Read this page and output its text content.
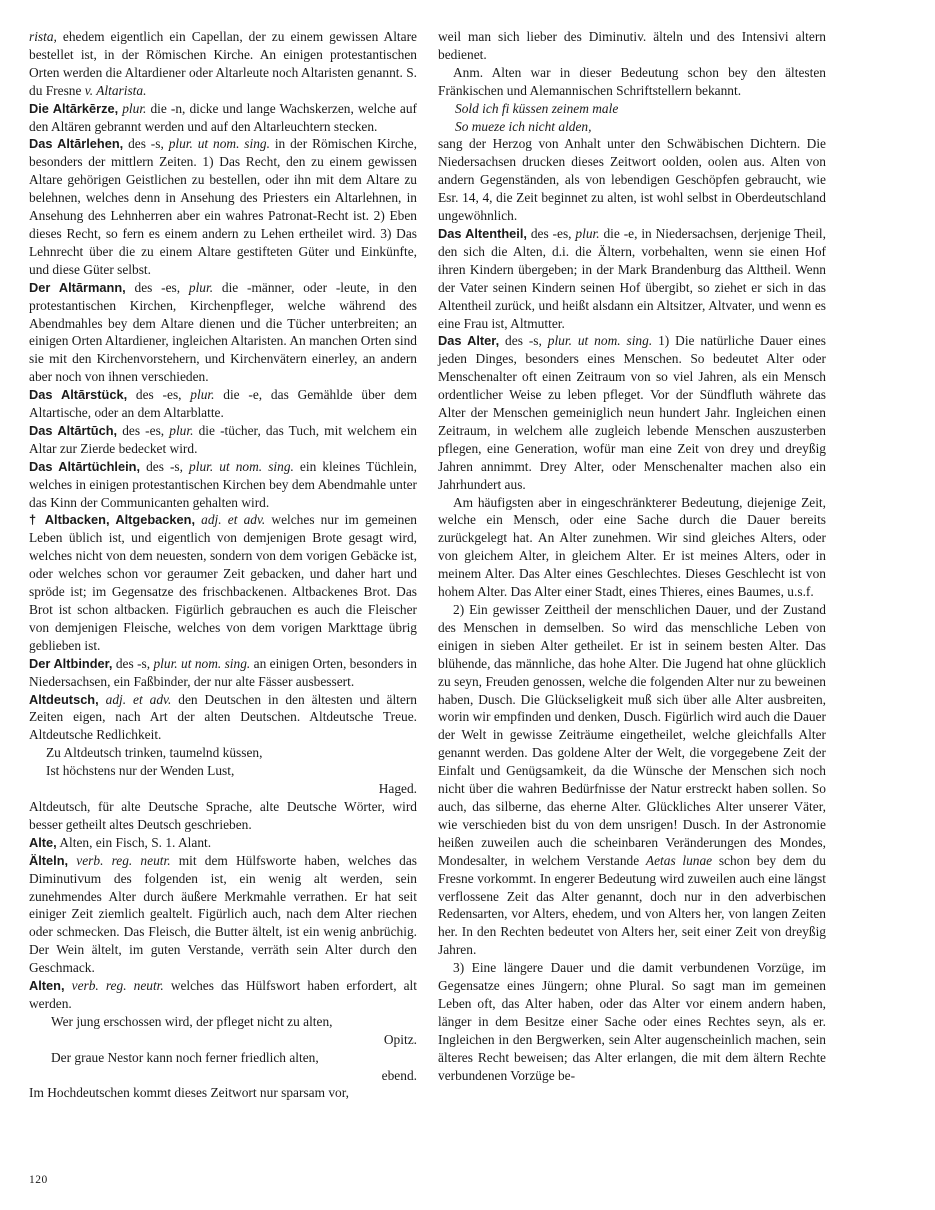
rista, ehedem eigentlich ein Capellan, der zu einem gewissen Altare bestellet ist, in der Römischen Kirche. An einigen protestantischen Orten werden die Altardiener oder Altarleute noch Altaristen genannt. S. du Fresne v. Altarista.

Die Altārkērze, plur. die -n, dicke und lange Wachskerzen, welche auf den Altären gebrannt werden und auf den Altarleuchtern stecken.

Das Altārlehen, des -s, plur. ut nom. sing. in der Römischen Kirche, besonders der mittlern Zeiten. 1) Das Recht, den zu einem gewissen Altare gehörigen Geistlichen zu bestellen, oder ihn mit dem Altare zu belehnen, welches denn in Ansehung des Priesters ein Altarlehnen, in Ansehung des Lehnherren aber ein wahres Patronat-Recht ist. 2) Eben dieses Recht, so fern es einem andern zu Lehen ertheilet wird. 3) Das Lehnrecht über die zu einem Altare gestifteten Güter und Einkünfte, und diese Güter selbst.

Der Altārmann, des -es, plur. die -männer, oder -leute, in den protestantischen Kirchen, Kirchenpfleger, welche während des Abendmahles bey dem Altare dienen und die Tücher unterbreiten; an einigen Orten Altardiener, ingleichen Altaristen. An manchen Orten sind sie mit den Kirchenvorstehern, und Kirchenvätern einerley, an andern aber noch von ihnen verschieden.

Das Altārstück, des -es, plur. die -e, das Gemählde über dem Altartische, oder an dem Altarblatte.

Das Altārtūch, des -es, plur. die -tücher, das Tuch, mit welchem ein Altar zur Zierde bedecket wird.

Das Altārtüchlein, des -s, plur. ut nom. sing. ein kleines Tüchlein, welches in einigen protestantischen Kirchen bey dem Abendmahle unter das Kinn der Communicanten gehalten wird.

† Altbacken, Altgebacken, adj. et adv. welches nur im gemeinen Leben üblich ist, und eigentlich von demjenigen Brote gesagt wird, welches nicht von dem neuesten, sondern von dem vorigen Gebäcke ist, oder welches schon vor geraumer Zeit gebacken, und daher hart und spröde ist; im Gegensatze des frischbackenen. Altbackenes Brot. Das Brot ist schon altbacken. Figürlich gebrauchen es auch die Fleischer von demjenigen Fleische, welches von dem vorigen Markttage übrig geblieben ist.

Der Altbinder, des -s, plur. ut nom. sing. an einigen Orten, besonders in Niedersachsen, ein Faßbinder, der nur alte Fässer ausbessert.

Altdeutsch, adj. et adv. den Deutschen in den ältesten und ältern Zeiten eigen, nach Art der alten Deutschen. Altdeutsche Treue. Altdeutsche Redlichkeit.

Zu Altdeutsch trinken, taumelnd küssen,

Ist höchstens nur der Wenden Lust,

Haged.

Altdeutsch, für alte Deutsche Sprache, alte Deutsche Wörter, wird besser getheilt altes Deutsch geschrieben.

Alte, Alten, ein Fisch, S. 1. Alant.

Älteln, verb. reg. neutr. mit dem Hülfsworte haben, welches das Diminutivum des folgenden ist, ein wenig alt werden, sein zunehmendes Alter durch äußere Merkmahle verrathen. Er hat seit einiger Zeit ziemlich gealtelt. Figürlich auch, nach dem Alter riechen oder schmecken. Das Fleisch, die Butter ältelt, ist ein wenig anbrüchig. Der Wein ältelt, im guten Verstande, verräth sein Alter durch den Geschmack.

Alten, verb. reg. neutr. welches das Hülfswort haben erfordert, alt werden.

Wer jung erschossen wird, der pfleget nicht zu alten,

Opitz.

Der graue Nestor kann noch ferner friedlich alten,

ebend.

Im Hochdeutschen kommt dieses Zeitwort nur sparsam vor,

weil man sich lieber des Diminutiv. älteln und des Intensivi altern bedienet.

Anm. Alten war in dieser Bedeutung schon bey den ältesten Fränkischen und Alemannischen Schriftstellern bekannt.

Sold ich fi küssen zeinem male

So mueze ich nicht alden,

sang der Herzog von Anhalt unter den Schwäbischen Dichtern. Die Niedersachsen drucken dieses Zeitwort oolden, oolen aus. Alten von andern Gegenständen, als von lebendigen Geschöpfen gebraucht, wie Esr. 14, 4, die Zeit beginnet zu alten, ist wohl selbst in Oberdeutschland ungewöhnlich.

Das Altentheil, des -es, plur. die -e, in Niedersachsen, derjenige Theil, den sich die Alten, d.i. die Ältern, vorbehalten, wenn sie einen Hof ihren Kindern übergeben; in der Mark Brandenburg das Alttheil. Wenn der Vater seinen Kindern seinen Hof übergibt, so ziehet er sich in das Altentheil zurück, und heißt alsdann ein Altsitzer, Altvater, und wenn es eine Frau ist, Altmutter.

Das Alter, des -s, plur. ut nom. sing. 1) Die natürliche Dauer eines jeden Dinges, besonders eines Menschen. So bedeutet Alter oder Menschenalter oft einen Zeitraum von so viel Jahren, als ein Mensch ordentlicher Weise zu leben pfleget. Vor der Sündfluth währete das Alter der Menschen gemeiniglich neun hundert Jahr. Ingleichen einen Zeitraum, in welchem alle zugleich lebende Menschen auszusterben pflegen, eine Generation, wofür man eine Zeit von drey und dreyßig Jahren annimmt. Drey Alter, oder Menschenalter machen also ein Jahrhundert aus.

Am häufigsten aber in eingeschränkterer Bedeutung, diejenige Zeit, welche ein Mensch, oder eine Sache durch die Dauer bereits zurückgelegt hat. An Alter zunehmen. Wir sind gleiches Alters, oder von gleichem Alter, in gleichem Alter. Er ist meines Alters, oder in meinem Alter. Das Alter eines Geschlechtes. Dieses Geschlecht ist von hohem Alter. Das Alter einer Stadt, eines Thieres, eines Baumes, u.s.f.

2) Ein gewisser Zeittheil der menschlichen Dauer, und der Zustand des Menschen in demselben. So wird das menschliche Leben von einigen in sieben Alter getheilet. Er ist in seinem besten Alter. Das blühende, das männliche, das hohe Alter. Die Jugend hat ohne glücklich zu seyn, Freuden genossen, welche die folgenden Alter nur zu beweinen haben, Dusch. Die Glückseligkeit muß sich über alle Alter ausbreiten, worin wir empfinden und denken, Dusch. Figürlich wird auch die Dauer der Welt in gewisse Zeiträume eingetheilet, welche gleichfalls Alter genannt werden. Das goldene Alter der Welt, die vorgegebene Zeit der Einfalt und Genügsamkeit, da die Wünsche der Menschen sich noch nicht über die wahren Bedürfnisse der Natur erstreckt haben sollen. So auch, das silberne, das eherne Alter. Glückliches Alter unserer Väter, wie verschieden bist du von dem unsrigen! Dusch. In der Astronomie heißen zuweilen auch die scheinbaren Veränderungen des Mondes, Mondesalter, in welchem Verstande Aetas lunae schon bey dem du Fresne vorkommt. In engerer Bedeutung wird zuweilen auch eine längst verflossene Zeit das Alter genannt, doch nur in den adverbischen Redensarten, vor Alters, ehedem, und von Alters her, von langen Zeiten her. In den Rechten bedeutet von Alters her, seit einer Zeit von dreyßig Jahren.

3) Eine längere Dauer und die damit verbundenen Vorzüge, im Gegensatze eines Jüngern; ohne Plural. So sagt man im gemeinen Leben oft, das Alter haben, oder das Alter vor einem andern haben, länger in dem Besitze einer Sache oder eines Rechtes seyn, als er. Ingleichen in den Bergwerken, sein Alter augenscheinlich machen, sein älteres Recht beweisen; das Alter erlangen, die mit dem ältern Rechte verbundenen Vorzüge be-

120
